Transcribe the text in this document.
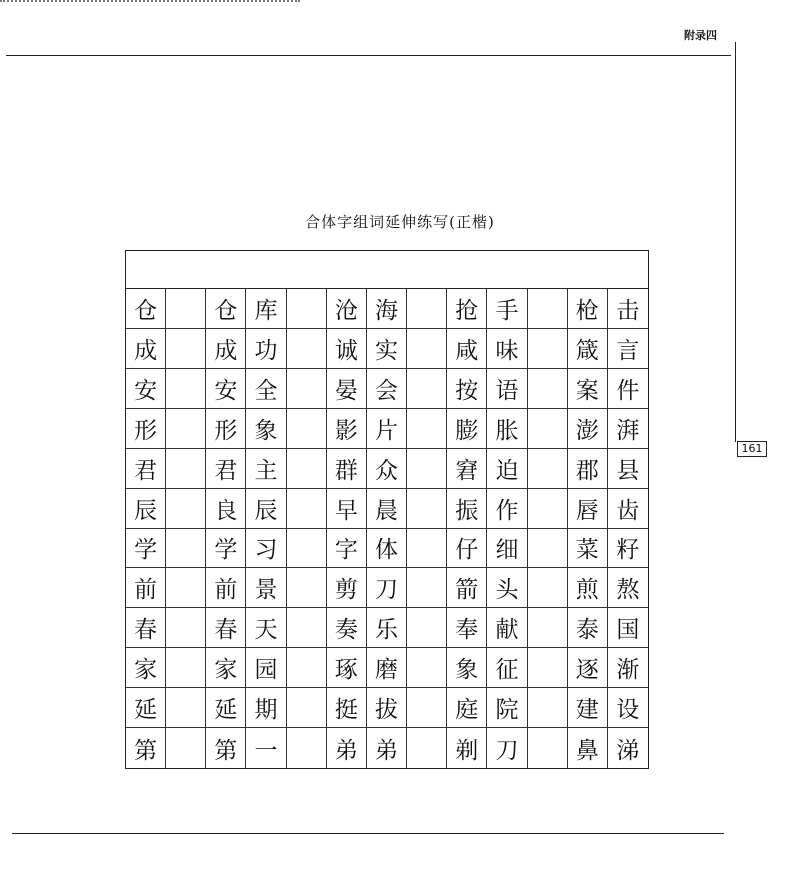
附录四
161
合体字组词延伸练写(正楷)
仓	仓 库	沧 海	抢 手	枪 击
成	成 功	诚 实	咸 味	箴 言
安	安 全	晏 会	按 语	案 件
形	形 象	影 片	膨 胀	澎 湃
君	君 主	群 众	窘 迫	郡 县
辰	良 辰	早 晨	振 作	唇 齿
学	学 习	字 体	仔 细	菜 籽
前	前 景	剪 刀	箭 头	煎 熬
春	春 天	奏 乐	奉 献	泰 国
家	家 园	琢 磨	象 征	逐 渐
延	延 期	挺 拔	庭 院	建 设
第	第 一	弟 弟	剃 刀	鼻 涕
